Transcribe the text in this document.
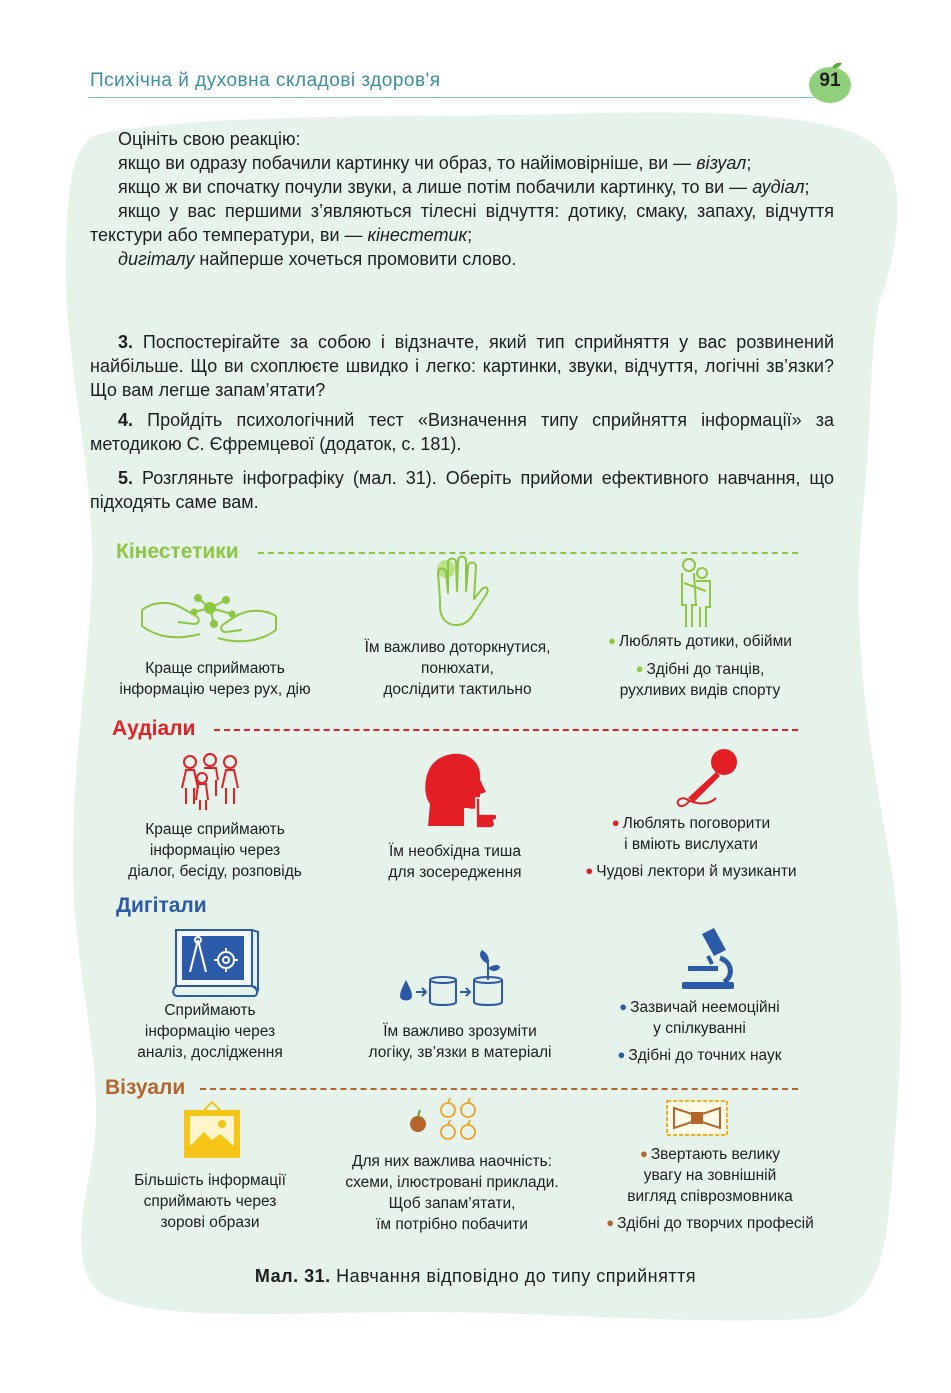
Психічна й духовна складові здоров'я	91

Оцініть свою реакцію:

якщо ви одразу побачили картинку чи образ, то найімовірніше, ви — візуал;

якщо ж ви спочатку почули звуки, а лише потім побачили картинку, то ви — аудіал;

якщо у вас першими з’являються тілесні відчуття: дотику, смаку, запаху, відчуття текстури або температури, ви — кінестетик;

дигіталу найперше хочеться промовити слово.

3. Поспостерігайте за собою і відзначте, який тип сприйняття у вас розвинений найбільше. Що ви схоплюєте швидко і легко: картинки, звуки, відчуття, логічні зв’язки? Що вам легше запам’ятати?

4. Пройдіть психологічний тест «Визначення типу сприйняття інформації» за методикою С. Єфремцевої (додаток, с. 181).

5. Розгляньте інфографіку (мал. 31). Оберіть прийоми ефективного навчання, що підходять саме вам.

Кінестетики
Краще сприймають
інформацію через рух, дію
Їм важливо доторкнутися,
понюхати,
дослідити тактильно
● Люблять дотики, обійми
● Здібні до танців,
рухливих видів спорту
Аудіали
Краще сприймають
інформацію через
діалог, бесіду, розповідь
Їм необхідна тиша
для зосередження
● Люблять поговорити
і вміють вислухати
● Чудові лектори й музиканти
Дигітали
Сприймають
інформацію через
аналіз, дослідження
Їм важливо зрозуміти
логіку, зв’язки в матеріалі
● Зазвичай неемоційні
у спілкуванні
● Здібні до точних наук
Візуали
Більшість інформації
сприймають через
зорові образи
Для них важлива наочність:
схеми, ілюстровані приклади.
Щоб запам’ятати,
їм потрібно побачити
● Звертають велику
увагу на зовнішній
вигляд співрозмовника
● Здібні до творчих професій
Мал. 31. Навчання відповідно до типу сприйняття
